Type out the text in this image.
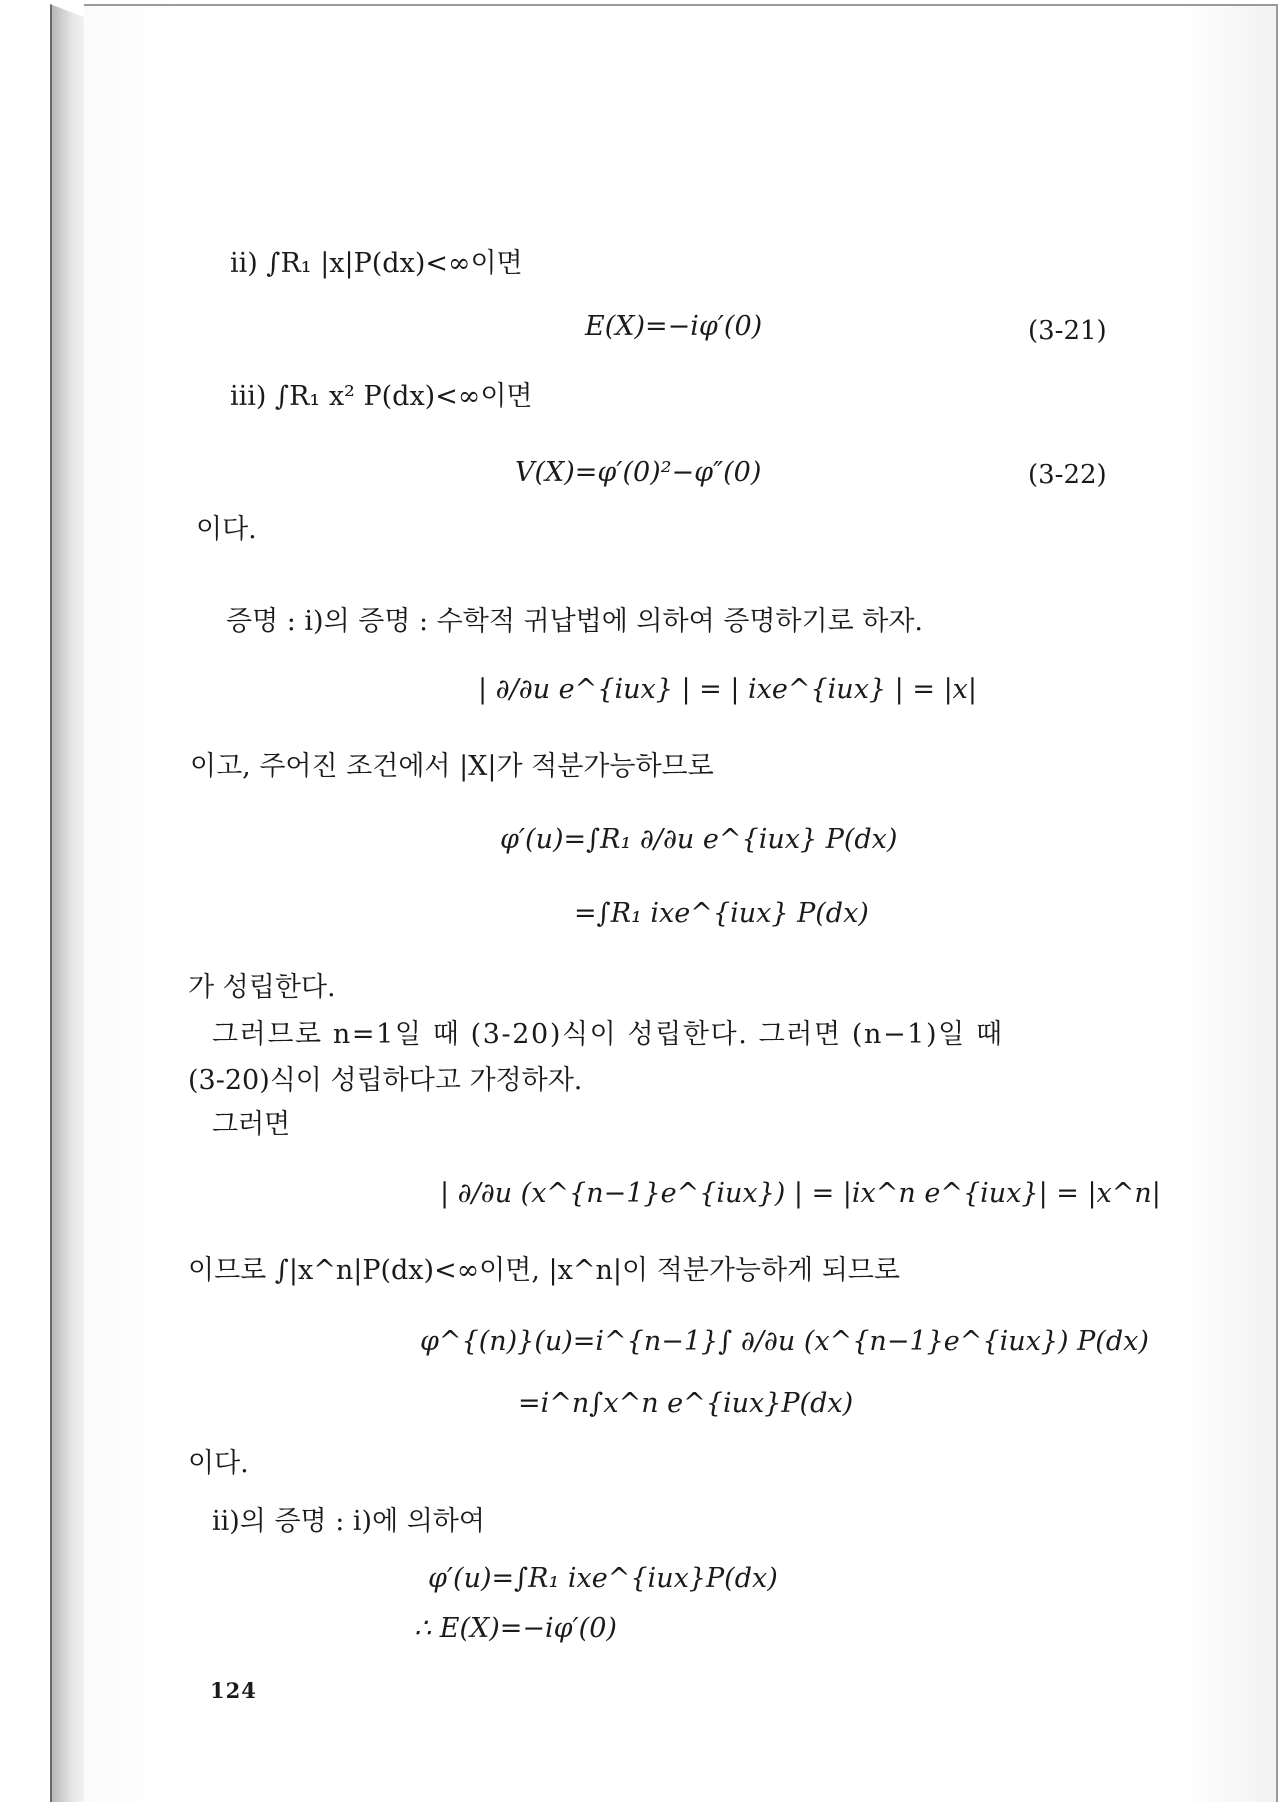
ii) ∫R₁ |x|P(dx)<∞이면
E(X)=−iφ′(0)	(3-21)
iii) ∫R₁ x² P(dx)<∞이면
V(X)=φ′(0)²−φ″(0)	(3-22)
이다.
증명 : i)의 증명 : 수학적 귀납법에 의하여 증명하기로 하자.
| ∂/∂u e^{iux} | = | ixe^{iux} | = |x|
이고, 주어진 조건에서 |X|가 적분가능하므로
φ′(u)=∫R₁ ∂/∂u e^{iux} P(dx)
=∫R₁ ixe^{iux} P(dx)
가 성립한다.
그러므로 n=1일 때 (3-20)식이 성립한다. 그러면 (n−1)일 때
(3-20)식이 성립하다고 가정하자.
그러면
| ∂/∂u (x^{n−1}e^{iux}) | = |ix^n e^{iux}| = |x^n|
이므로 ∫|x^n|P(dx)<∞이면, |x^n|이 적분가능하게 되므로
φ^{(n)}(u)=i^{n−1}∫ ∂/∂u (x^{n−1}e^{iux}) P(dx)
=i^n∫x^n e^{iux}P(dx)
이다.
ii)의 증명 : i)에 의하여
φ′(u)=∫R₁ ixe^{iux}P(dx)
∴ E(X)=−iφ′(0)
124
